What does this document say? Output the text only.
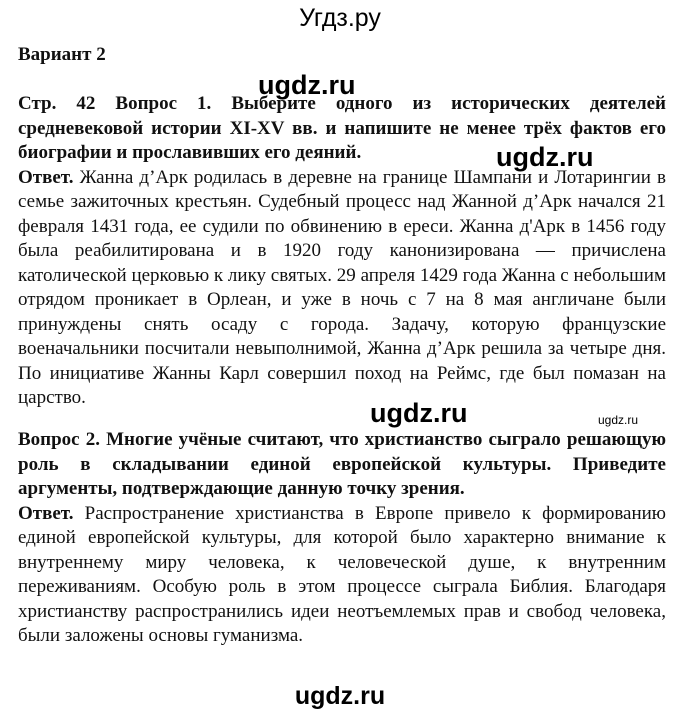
Угдз.ру
Вариант 2
Стр. 42 Вопрос 1. Выберите одного из исторических деятелей средневековой истории XI-XV вв. и напишите не менее трёх фактов его биографии и прославивших его деяний.
Ответ. Жанна д’Арк родилась в деревне на границе Шампани и Лотарингии в семье зажиточных крестьян. Судебный процесс над Жанной д’Арк начался 21 февраля 1431 года, ее судили по обвинению в ереси. Жанна д'Арк в 1456 году была реабилитирована и в 1920 году канонизирована — причислена католической церковью к лику святых. 29 апреля 1429 года Жанна с небольшим отрядом проникает в Орлеан, и уже в ночь с 7 на 8 мая англичане были принуждены снять осаду с города. Задачу, которую французские военачальники посчитали невыполнимой, Жанна д’Арк решила за четыре дня. По инициативе Жанны Карл совершил поход на Реймс, где был помазан на царство.
Вопрос 2. Многие учёные считают, что христианство сыграло решающую роль в складывании единой европейской культуры. Приведите аргументы, подтверждающие данную точку зрения.
Ответ. Распространение христианства в Европе привело к формированию единой европейской культуры, для которой было характерно внимание к внутреннему миру человека, к человеческой душе, к внутренним переживаниям. Особую роль в этом процессе сыграла Библия. Благодаря христианству распространились идеи неотъемлемых прав и свобод человека, были заложены основы гуманизма.
ugdz.ru
ugdz.ru
ugdz.ru	ugdz.ru
ugdz.ru
